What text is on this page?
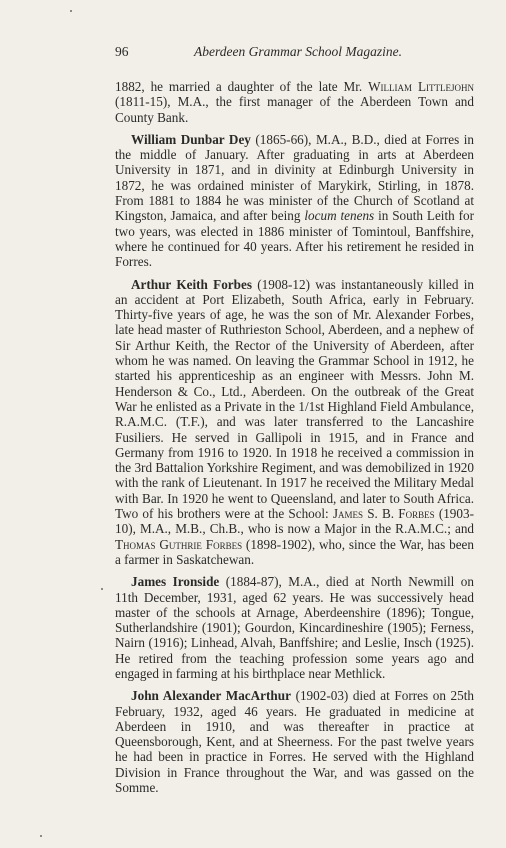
96	Aberdeen Grammar School Magazine.

1882, he married a daughter of the late Mr. William Littlejohn (1811-15), M.A., the first manager of the Aberdeen Town and County Bank.

William Dunbar Dey (1865-66), M.A., B.D., died at Forres in the middle of January. After graduating in arts at Aberdeen University in 1871, and in divinity at Edinburgh University in 1872, he was ordained minister of Marykirk, Stirling, in 1878. From 1881 to 1884 he was minister of the Church of Scotland at Kingston, Jamaica, and after being locum tenens in South Leith for two years, was elected in 1886 minister of Tomintoul, Banffshire, where he continued for 40 years. After his retirement he resided in Forres.

Arthur Keith Forbes (1908-12) was instantaneously killed in an accident at Port Elizabeth, South Africa, early in February. Thirty-five years of age, he was the son of Mr. Alexander Forbes, late head master of Ruthrieston School, Aberdeen, and a nephew of Sir Arthur Keith, the Rector of the University of Aberdeen, after whom he was named. On leaving the Grammar School in 1912, he started his apprenticeship as an engineer with Messrs. John M. Henderson & Co., Ltd., Aberdeen. On the outbreak of the Great War he enlisted as a Private in the 1/1st Highland Field Ambulance, R.A.M.C. (T.F.), and was later transferred to the Lancashire Fusiliers. He served in Gallipoli in 1915, and in France and Germany from 1916 to 1920. In 1918 he received a commission in the 3rd Battalion Yorkshire Regiment, and was demobilized in 1920 with the rank of Lieutenant. In 1917 he received the Military Medal with Bar. In 1920 he went to Queensland, and later to South Africa. Two of his brothers were at the School: James S. B. Forbes (1903-10), M.A., M.B., Ch.B., who is now a Major in the R.A.M.C.; and Thomas Guthrie Forbes (1898-1902), who, since the War, has been a farmer in Saskatchewan.

James Ironside (1884-87), M.A., died at North Newmill on 11th December, 1931, aged 62 years. He was successively head master of the schools at Arnage, Aberdeenshire (1896); Tongue, Sutherlandshire (1901); Gourdon, Kincardineshire (1905); Ferness, Nairn (1916); Linhead, Alvah, Banffshire; and Leslie, Insch (1925). He retired from the teaching profession some years ago and engaged in farming at his birthplace near Methlick.

John Alexander MacArthur (1902-03) died at Forres on 25th February, 1932, aged 46 years. He graduated in medicine at Aberdeen in 1910, and was thereafter in practice at Queensborough, Kent, and at Sheerness. For the past twelve years he had been in practice in Forres. He served with the Highland Division in France throughout the War, and was gassed on the Somme.
